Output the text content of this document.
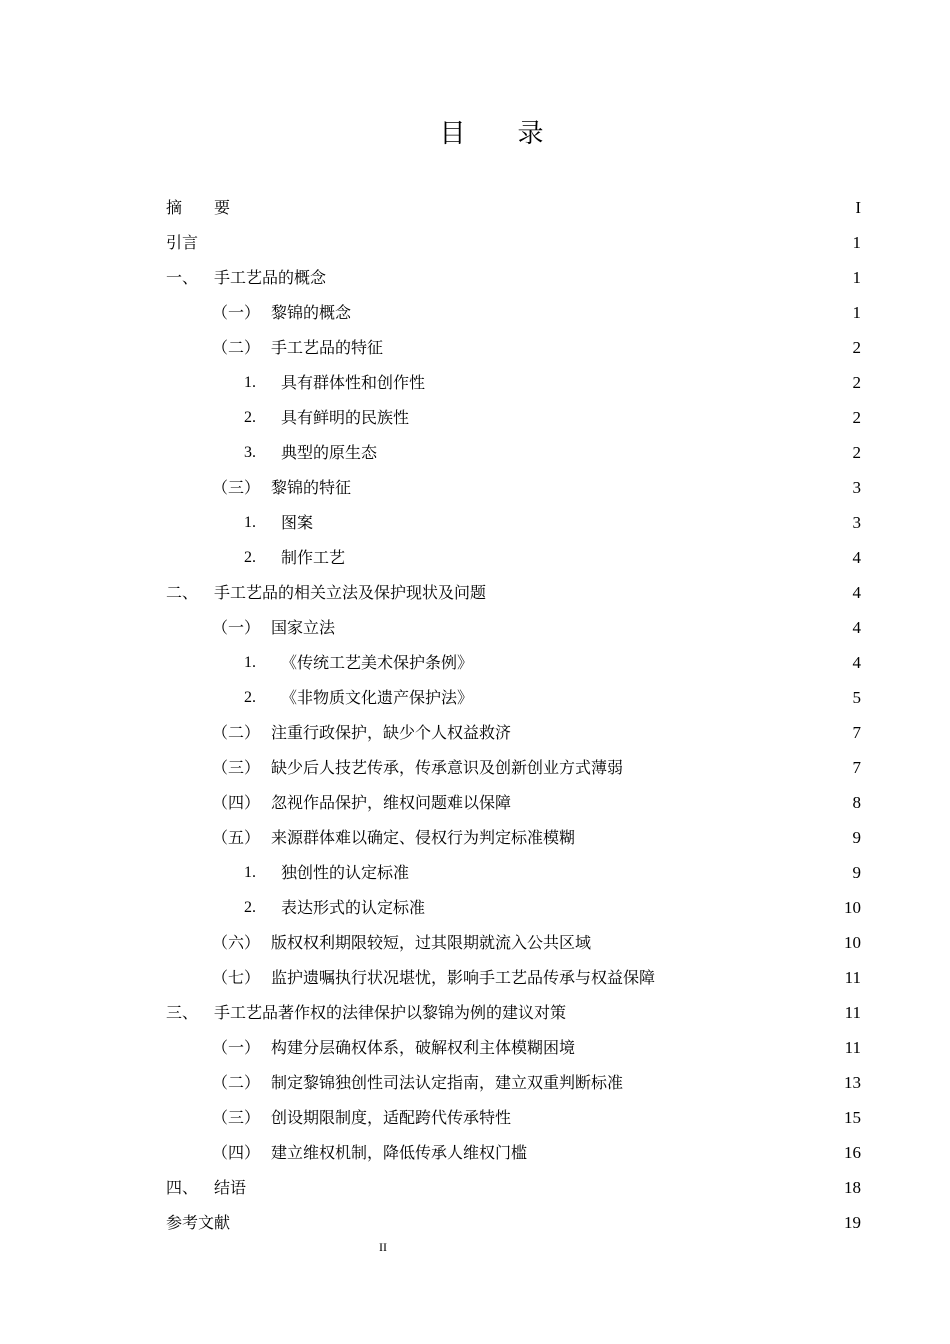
目 录
摘　　要	I
引言	1
一、 手工艺品的概念	1
（一） 黎锦的概念	1
（二） 手工艺品的特征	2
1.	具有群体性和创作性	2
2.	具有鲜明的民族性	2
3.	典型的原生态	2
（三） 黎锦的特征	3
1.	图案	3
2.	制作工艺	4
二、 手工艺品的相关立法及保护现状及问题	4
（一） 国家立法	4
1.	《传统工艺美术保护条例》	4
2.	《非物质文化遗产保护法》	5
（二） 注重行政保护，缺少个人权益救济	7
（三） 缺少后人技艺传承，传承意识及创新创业方式薄弱	7
（四） 忽视作品保护，维权问题难以保障	8
（五） 来源群体难以确定、侵权行为判定标准模糊	9
1.	独创性的认定标准	9
2.	表达形式的认定标准	10
（六） 版权权利期限较短，过其限期就流入公共区域	10
（七） 监护遗嘱执行状况堪忧，影响手工艺品传承与权益保障	11
三、 手工艺品著作权的法律保护以黎锦为例的建议对策	11
（一） 构建分层确权体系，破解权利主体模糊困境	11
（二） 制定黎锦独创性司法认定指南，建立双重判断标准	13
（三） 创设期限制度，适配跨代传承特性	15
（四） 建立维权机制，降低传承人维权门槛	16
四、 结语	18
参考文献	19
II
